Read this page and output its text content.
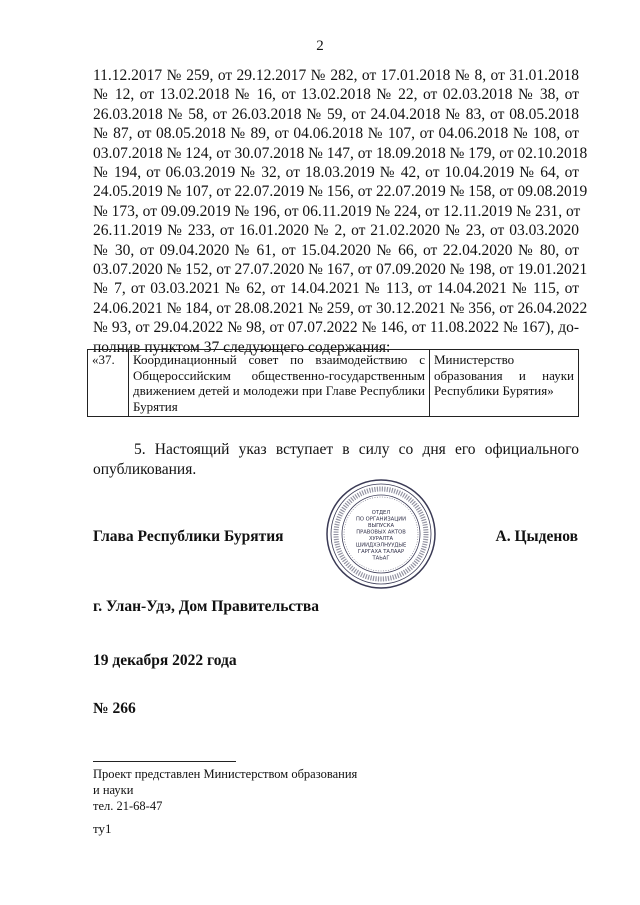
2
11.12.2017 № 259, от 29.12.2017 № 282, от 17.01.2018 № 8, от 31.01.2018
№ 12, от 13.02.2018 № 16, от 13.02.2018 № 22, от 02.03.2018 № 38, от
26.03.2018 № 58, от 26.03.2018 № 59, от 24.04.2018 № 83, от 08.05.2018
№ 87, от 08.05.2018 № 89, от 04.06.2018 № 107, от 04.06.2018 № 108, от
03.07.2018 № 124, от 30.07.2018 № 147, от 18.09.2018 № 179, от 02.10.2018
№ 194, от 06.03.2019 № 32, от 18.03.2019 № 42, от 10.04.2019 № 64, от
24.05.2019 № 107, от 22.07.2019 № 156, от 22.07.2019 № 158, от 09.08.2019
№ 173, от 09.09.2019 № 196, от 06.11.2019 № 224, от 12.11.2019 № 231, от
26.11.2019 № 233, от 16.01.2020 № 2, от 21.02.2020 № 23, от 03.03.2020
№ 30, от 09.04.2020 № 61, от 15.04.2020 № 66, от 22.04.2020 № 80, от
03.07.2020 № 152, от 27.07.2020 № 167, от 07.09.2020 № 198, от 19.01.2021
№ 7, от 03.03.2021 № 62, от 14.04.2021 № 113, от 14.04.2021 № 115, от
24.06.2021 № 184, от 28.08.2021 № 259, от 30.12.2021 № 356, от 26.04.2022
№ 93, от 29.04.2022 № 98, от 07.07.2022 № 146, от 11.08.2022 № 167), до-
полнив пунктом 37 следующего содержания:
«37.	Координационный совет по взаимодействию с Общероссийским общественно-государственным движением детей и молодежи при Главе Республики Бурятия	Министерство образования и науки Республики Бурятия»

5. Настоящий указ вступает в силу со дня его официального опубликования.

Глава Республики Бурятия
ОТДЕЛ
ПО ОРГАНИЗАЦИИ
ВЫПУСКА
ПРАВОВЫХ АКТОВ
ХУРАЛТА
ШИИДХЭЛНУУДЫЕ
ГАРГАХА ТАЛААР
ТАЬАГ
А. Цыденов
г. Улан-Удэ, Дом Правительства
19 декабря 2022 года
№ 266
Проект представлен Министерством образования
и науки
тел. 21-68-47
ту1
